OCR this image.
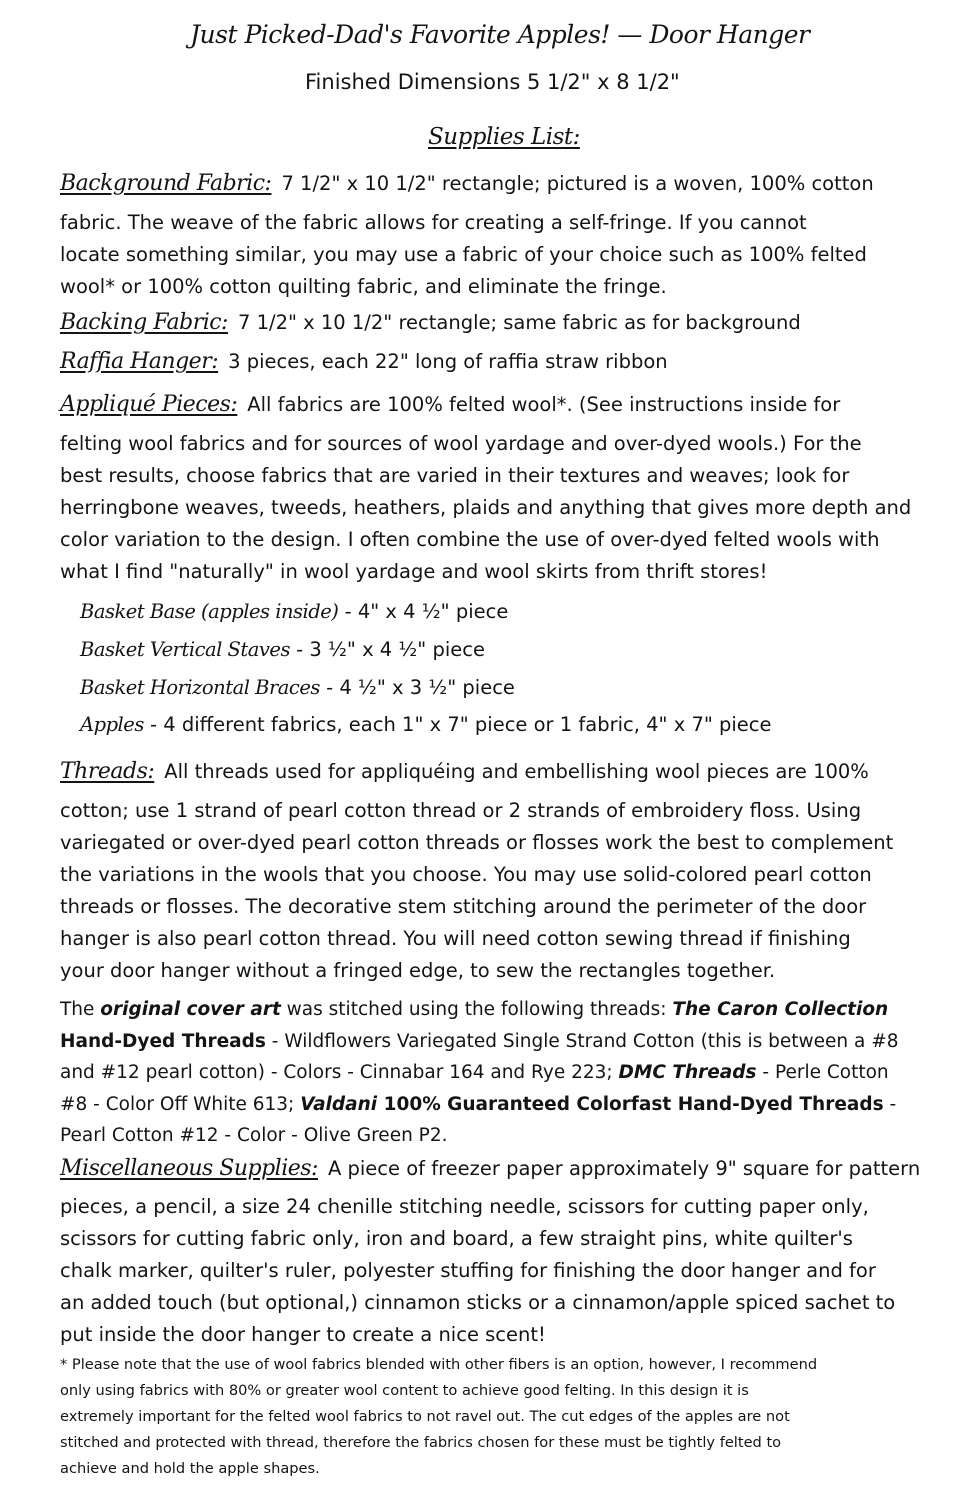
Just Picked-Dad's Favorite Apples! — Door Hanger
Finished Dimensions 5 1/2" x 8 1/2"
Supplies List:
Background Fabric: 7 1/2" x 10 1/2" rectangle; pictured is a woven, 100% cotton
fabric. The weave of the fabric allows for creating a self-fringe. If you cannot
locate something similar, you may use a fabric of your choice such as 100% felted
wool* or 100% cotton quilting fabric, and eliminate the fringe.
Backing Fabric: 7 1/2" x 10 1/2" rectangle; same fabric as for background
Raffia Hanger: 3 pieces, each 22" long of raffia straw ribbon
Appliqué Pieces: All fabrics are 100% felted wool*. (See instructions inside for
felting wool fabrics and for sources of wool yardage and over-dyed wools.) For the
best results, choose fabrics that are varied in their textures and weaves; look for
herringbone weaves, tweeds, heathers, plaids and anything that gives more depth and
color variation to the design. I often combine the use of over-dyed felted wools with
what I find "naturally" in wool yardage and wool skirts from thrift stores!
Basket Base (apples inside) - 4" x 4 ½" piece
Basket Vertical Staves - 3 ½" x 4 ½" piece
Basket Horizontal Braces - 4 ½" x 3 ½" piece
Apples - 4 different fabrics, each 1" x 7" piece or 1 fabric, 4" x 7" piece
Threads: All threads used for appliquéing and embellishing wool pieces are 100%
cotton; use 1 strand of pearl cotton thread or 2 strands of embroidery floss. Using
variegated or over-dyed pearl cotton threads or flosses work the best to complement
the variations in the wools that you choose. You may use solid-colored pearl cotton
threads or flosses. The decorative stem stitching around the perimeter of the door
hanger is also pearl cotton thread. You will need cotton sewing thread if finishing
your door hanger without a fringed edge, to sew the rectangles together.
The original cover art was stitched using the following threads: The Caron Collection
Hand-Dyed Threads - Wildflowers Variegated Single Strand Cotton (this is between a #8
and #12 pearl cotton) - Colors - Cinnabar 164 and Rye 223; DMC Threads - Perle Cotton
#8 - Color Off White 613; Valdani 100% Guaranteed Colorfast Hand-Dyed Threads -
Pearl Cotton #12 - Color - Olive Green P2.
Miscellaneous Supplies: A piece of freezer paper approximately 9" square for pattern
pieces, a pencil, a size 24 chenille stitching needle, scissors for cutting paper only,
scissors for cutting fabric only, iron and board, a few straight pins, white quilter's
chalk marker, quilter's ruler, polyester stuffing for finishing the door hanger and for
an added touch (but optional,) cinnamon sticks or a cinnamon/apple spiced sachet to
put inside the door hanger to create a nice scent!
* Please note that the use of wool fabrics blended with other fibers is an option, however, I recommend
only using fabrics with 80% or greater wool content to achieve good felting. In this design it is
extremely important for the felted wool fabrics to not ravel out. The cut edges of the apples are not
stitched and protected with thread, therefore the fabrics chosen for these must be tightly felted to
achieve and hold the apple shapes.
